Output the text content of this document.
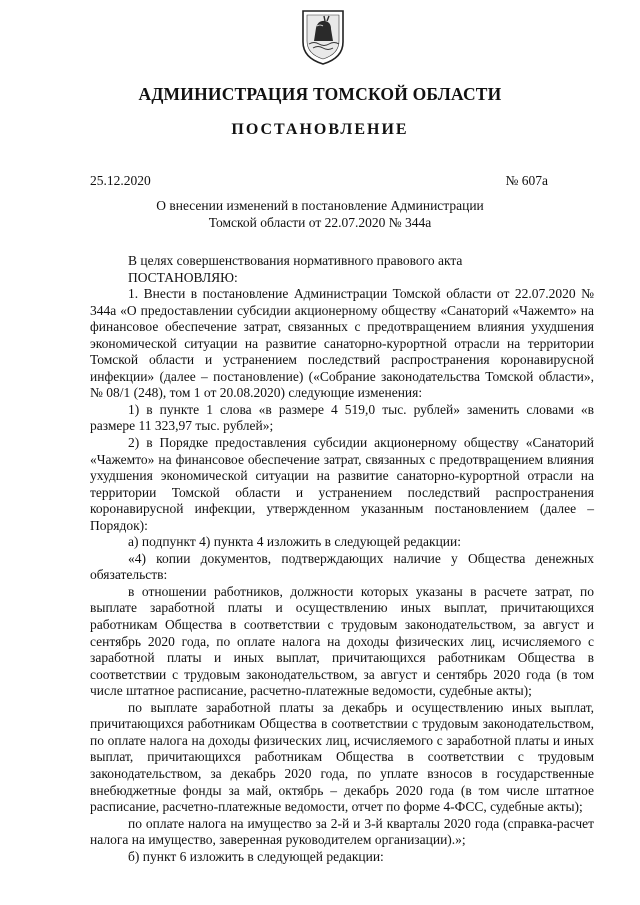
АДМИНИСТРАЦИЯ ТОМСКОЙ ОБЛАСТИ
ПОСТАНОВЛЕНИЕ
25.12.2020	№ 607а
О внесении изменений в постановление Администрации
Томской области от 22.07.2020 № 344а

В целях совершенствования нормативного правового акта

ПОСТАНОВЛЯЮ:

1. Внести в постановление Администрации Томской области от 22.07.2020 № 344а «О предоставлении субсидии акционерному обществу «Санаторий «Чажемто» на финансовое обеспечение затрат, связанных с предотвращением влияния ухудшения экономической ситуации на развитие санаторно-курортной отрасли на территории Томской области и устранением последствий распространения коронавирусной инфекции» (далее – постановление) («Собрание законодательства Томской области», № 08/1 (248), том 1 от 20.08.2020) следующие изменения:

1) в пункте 1 слова «в размере 4 519,0 тыс. рублей» заменить словами «в размере 11 323,97 тыс. рублей»;

2) в Порядке предоставления субсидии акционерному обществу «Санаторий «Чажемто» на финансовое обеспечение затрат, связанных с предотвращением влияния ухудшения экономической ситуации на развитие санаторно-курортной отрасли на территории Томской области и устранением последствий распространения коронавирусной инфекции, утвержденном указанным постановлением (далее – Порядок):

а) подпункт 4) пункта 4 изложить в следующей редакции:

«4) копии документов, подтверждающих наличие у Общества денежных обязательств:

в отношении работников, должности которых указаны в расчете затрат, по выплате заработной платы и осуществлению иных выплат, причитающихся работникам Общества в соответствии с трудовым законодательством, за август и сентябрь 2020 года, по оплате налога на доходы физических лиц, исчисляемого с заработной платы и иных выплат, причитающихся работникам Общества в соответствии с трудовым законодательством, за август и сентябрь 2020 года (в том числе штатное расписание, расчетно-платежные ведомости, судебные акты);

по выплате заработной платы за декабрь и осуществлению иных выплат, причитающихся работникам Общества в соответствии с трудовым законодательством, по оплате налога на доходы физических лиц, исчисляемого с заработной платы и иных выплат, причитающихся работникам Общества в соответствии с трудовым законодательством, за декабрь 2020 года, по уплате взносов в государственные внебюджетные фонды за май, октябрь – декабрь 2020 года (в том числе штатное расписание, расчетно-платежные ведомости, отчет по форме 4-ФСС, судебные акты);

по оплате налога на имущество за 2-й и 3-й кварталы 2020 года (справка-расчет налога на имущество, заверенная руководителем организации).»;

б) пункт 6 изложить в следующей редакции:
